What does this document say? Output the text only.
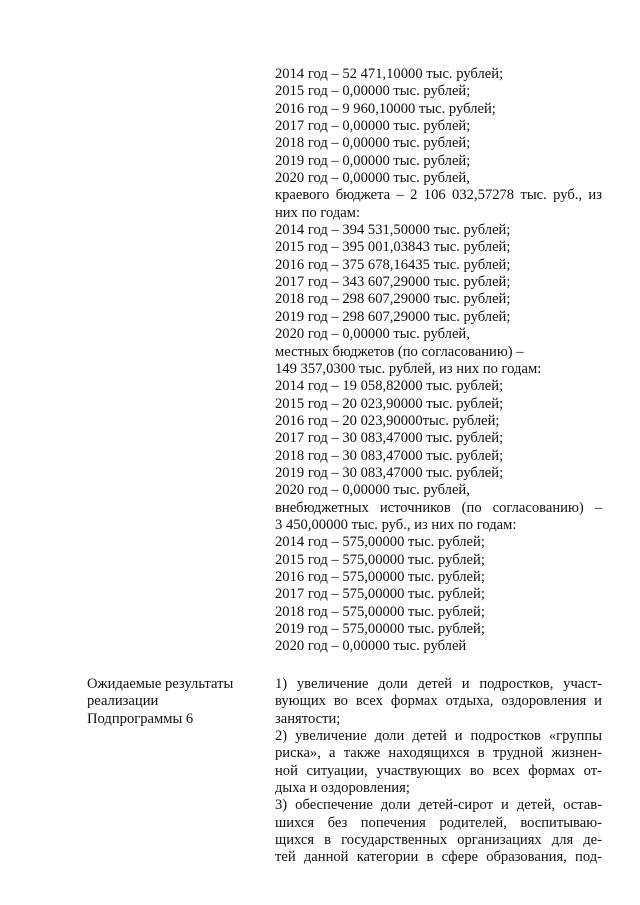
2014 год – 52 471,10000 тыс. рублей;
2015 год – 0,00000 тыс. рублей;
2016 год – 9 960,10000 тыс. рублей;
2017 год – 0,00000 тыс. рублей;
2018 год – 0,00000 тыс. рублей;
2019 год – 0,00000 тыс. рублей;
2020 год – 0,00000 тыс. рублей,
краевого бюджета – 2 106 032,57278 тыс. руб., из
них по годам:
2014 год – 394 531,50000 тыс. рублей;
2015 год – 395 001,03843 тыс. рублей;
2016 год – 375 678,16435 тыс. рублей;
2017 год – 343 607,29000 тыс. рублей;
2018 год – 298 607,29000 тыс. рублей;
2019 год – 298 607,29000 тыс. рублей;
2020 год – 0,00000 тыс. рублей,
местных бюджетов (по согласованию) –
149 357,0300 тыс. рублей, из них по годам:
2014 год – 19 058,82000 тыс. рублей;
2015 год – 20 023,90000 тыс. рублей;
2016 год – 20 023,90000тыс. рублей;
2017 год – 30 083,47000 тыс. рублей;
2018 год – 30 083,47000 тыс. рублей;
2019 год – 30 083,47000 тыс. рублей;
2020 год – 0,00000 тыс. рублей,
внебюджетных источников (по согласованию) –
3 450,00000 тыс. руб., из них по годам:
2014 год – 575,00000 тыс. рублей;
2015 год – 575,00000 тыс. рублей;
2016 год – 575,00000 тыс. рублей;
2017 год – 575,00000 тыс. рублей;
2018 год – 575,00000 тыс. рублей;
2019 год – 575,00000 тыс. рублей;
2020 год – 0,00000 тыс. рублей
Ожидаемые результаты
реализации
Подпрограммы 6
1) увеличение доли детей и подростков, участ-
вующих во всех формах отдыха, оздоровления и
занятости;
2) увеличение доли детей и подростков «группы
риска», а также находящихся в трудной жизнен-
ной ситуации, участвующих во всех формах от-
дыха и оздоровления;
3) обеспечение доли детей-сирот и детей, остав-
шихся без попечения родителей, воспитываю-
щихся в государственных организациях для де-
тей данной категории в сфере образования, под-
